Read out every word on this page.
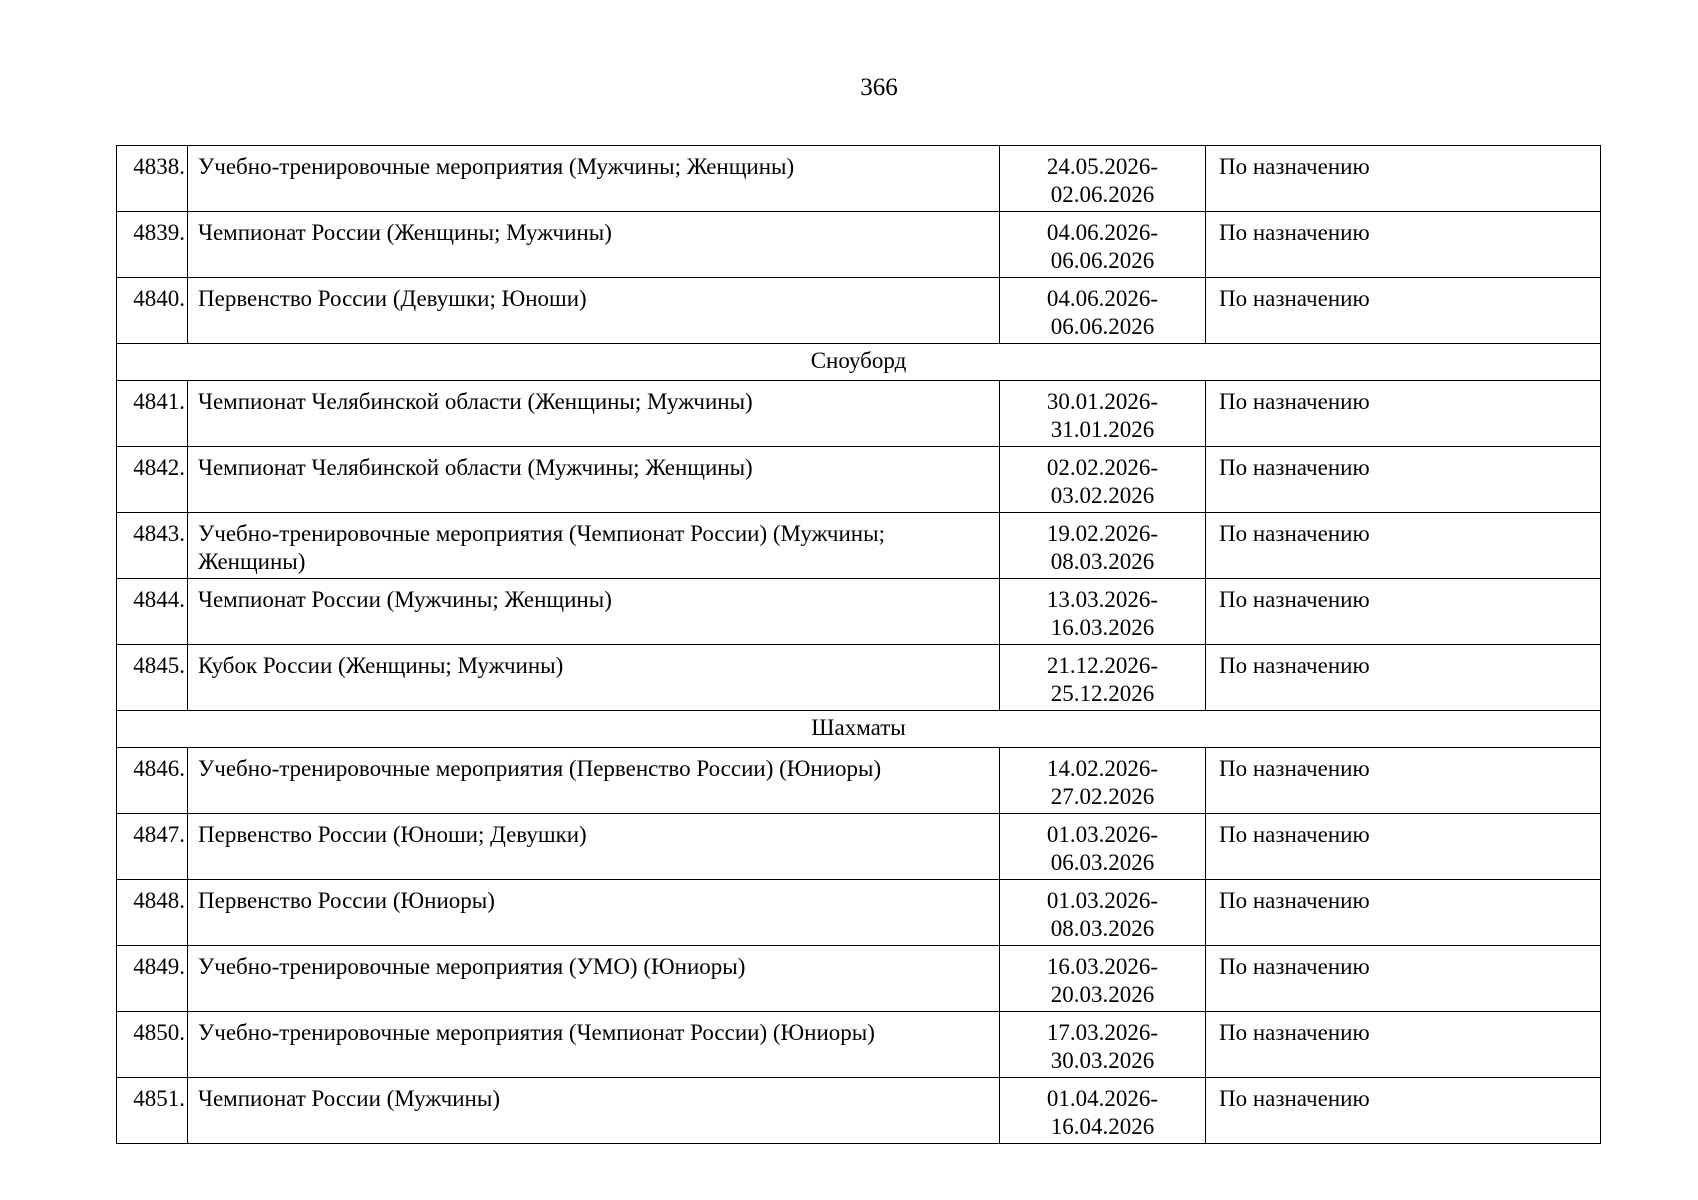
366
4838.	Учебно-тренировочные мероприятия (Мужчины; Женщины)	24.05.2026-
02.06.2026	По назначению
4839.	Чемпионат России (Женщины; Мужчины)	04.06.2026-
06.06.2026	По назначению
4840.	Первенство России (Девушки; Юноши)	04.06.2026-
06.06.2026	По назначению
Сноуборд			
4841.	Чемпионат Челябинской области (Женщины; Мужчины)	30.01.2026-
31.01.2026	По назначению
4842.	Чемпионат Челябинской области (Мужчины; Женщины)	02.02.2026-
03.02.2026	По назначению
4843.	Учебно-тренировочные мероприятия (Чемпионат России) (Мужчины; Женщины)	19.02.2026-
08.03.2026	По назначению
4844.	Чемпионат России (Мужчины; Женщины)	13.03.2026-
16.03.2026	По назначению
4845.	Кубок России (Женщины; Мужчины)	21.12.2026-
25.12.2026	По назначению
Шахматы			
4846.	Учебно-тренировочные мероприятия (Первенство России) (Юниоры)	14.02.2026-
27.02.2026	По назначению
4847.	Первенство России (Юноши; Девушки)	01.03.2026-
06.03.2026	По назначению
4848.	Первенство России (Юниоры)	01.03.2026-
08.03.2026	По назначению
4849.	Учебно-тренировочные мероприятия (УМО) (Юниоры)	16.03.2026-
20.03.2026	По назначению
4850.	Учебно-тренировочные мероприятия (Чемпионат России) (Юниоры)	17.03.2026-
30.03.2026	По назначению
4851.	Чемпионат России (Мужчины)	01.04.2026-
16.04.2026	По назначению
